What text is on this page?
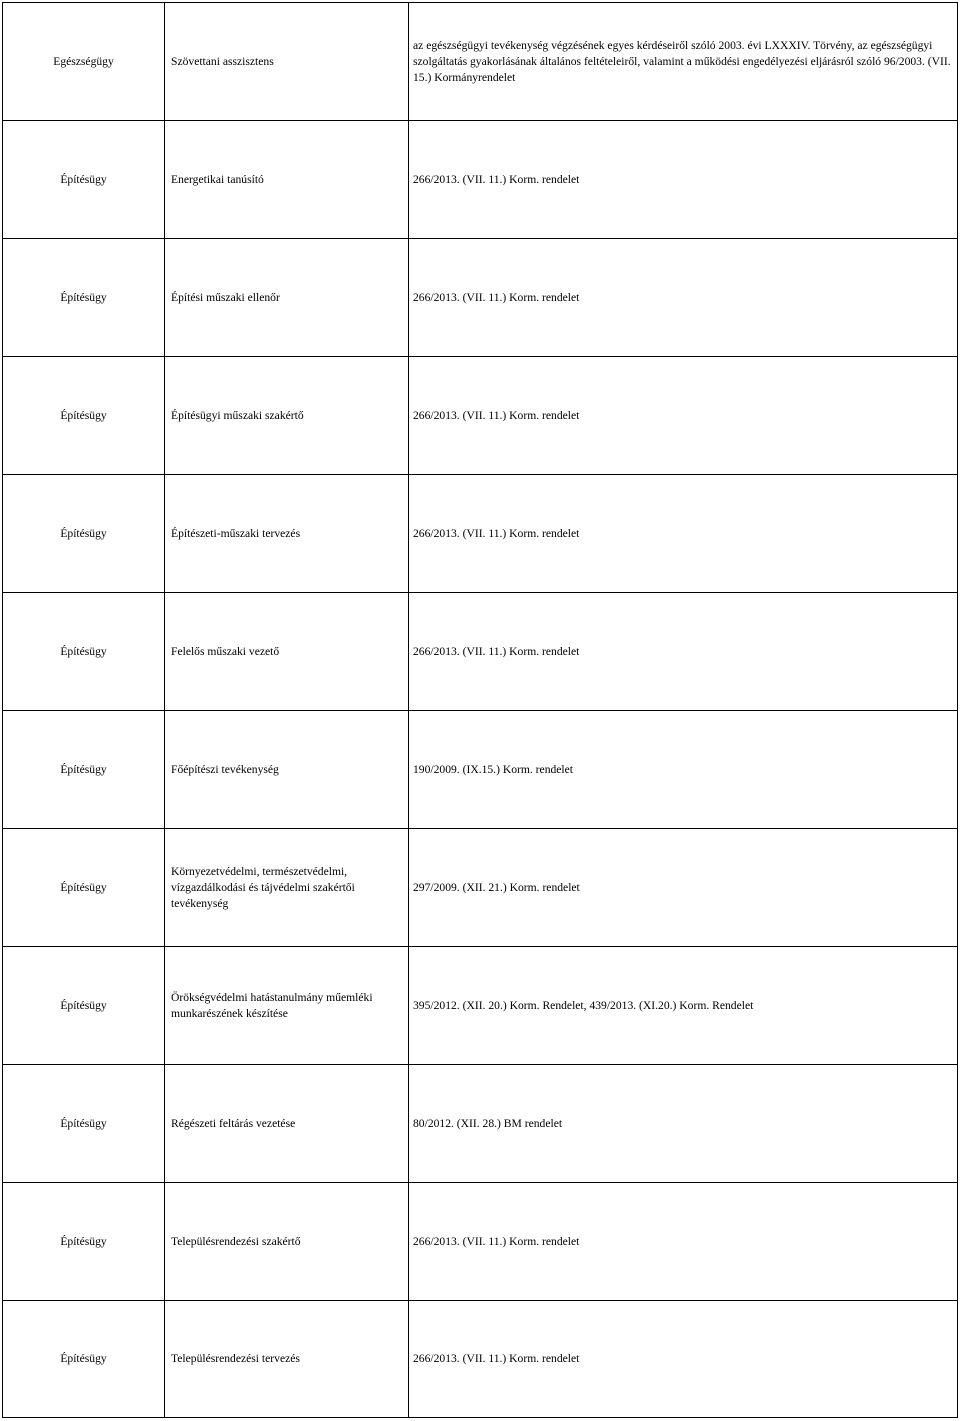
Egészségügy	Szövettani asszisztens	az egészségügyi tevékenység végzésének egyes kérdéseiről szóló 2003. évi LXXXIV. Törvény, az egészségügyi szolgáltatás gyakorlásának általános feltételeiről, valamint a működési engedélyezési eljárásról szóló 96/2003. (VII. 15.) Kormányrendelet
Építésügy	Energetikai tanúsító	266/2013. (VII. 11.) Korm. rendelet
Építésügy	Építési műszaki ellenőr	266/2013. (VII. 11.) Korm. rendelet
Építésügy	Építésügyi műszaki szakértő	266/2013. (VII. 11.) Korm. rendelet
Építésügy	Építészeti-műszaki tervezés	266/2013. (VII. 11.) Korm. rendelet
Építésügy	Felelős műszaki vezető	266/2013. (VII. 11.) Korm. rendelet
Építésügy	Főépítészi tevékenység	190/2009. (IX.15.) Korm. rendelet
Építésügy	Környezetvédelmi, természetvédelmi, vízgazdálkodási és tájvédelmi szakértői tevékenység	297/2009. (XII. 21.) Korm. rendelet
Építésügy	Örökségvédelmi hatástanulmány műemléki munkarészének készítése	395/2012. (XII. 20.) Korm. Rendelet, 439/2013. (XI.20.) Korm. Rendelet
Építésügy	Régészeti feltárás vezetése	80/2012. (XII. 28.) BM rendelet
Építésügy	Településrendezési szakértő	266/2013. (VII. 11.) Korm. rendelet
Építésügy	Településrendezési tervezés	266/2013. (VII. 11.) Korm. rendelet
